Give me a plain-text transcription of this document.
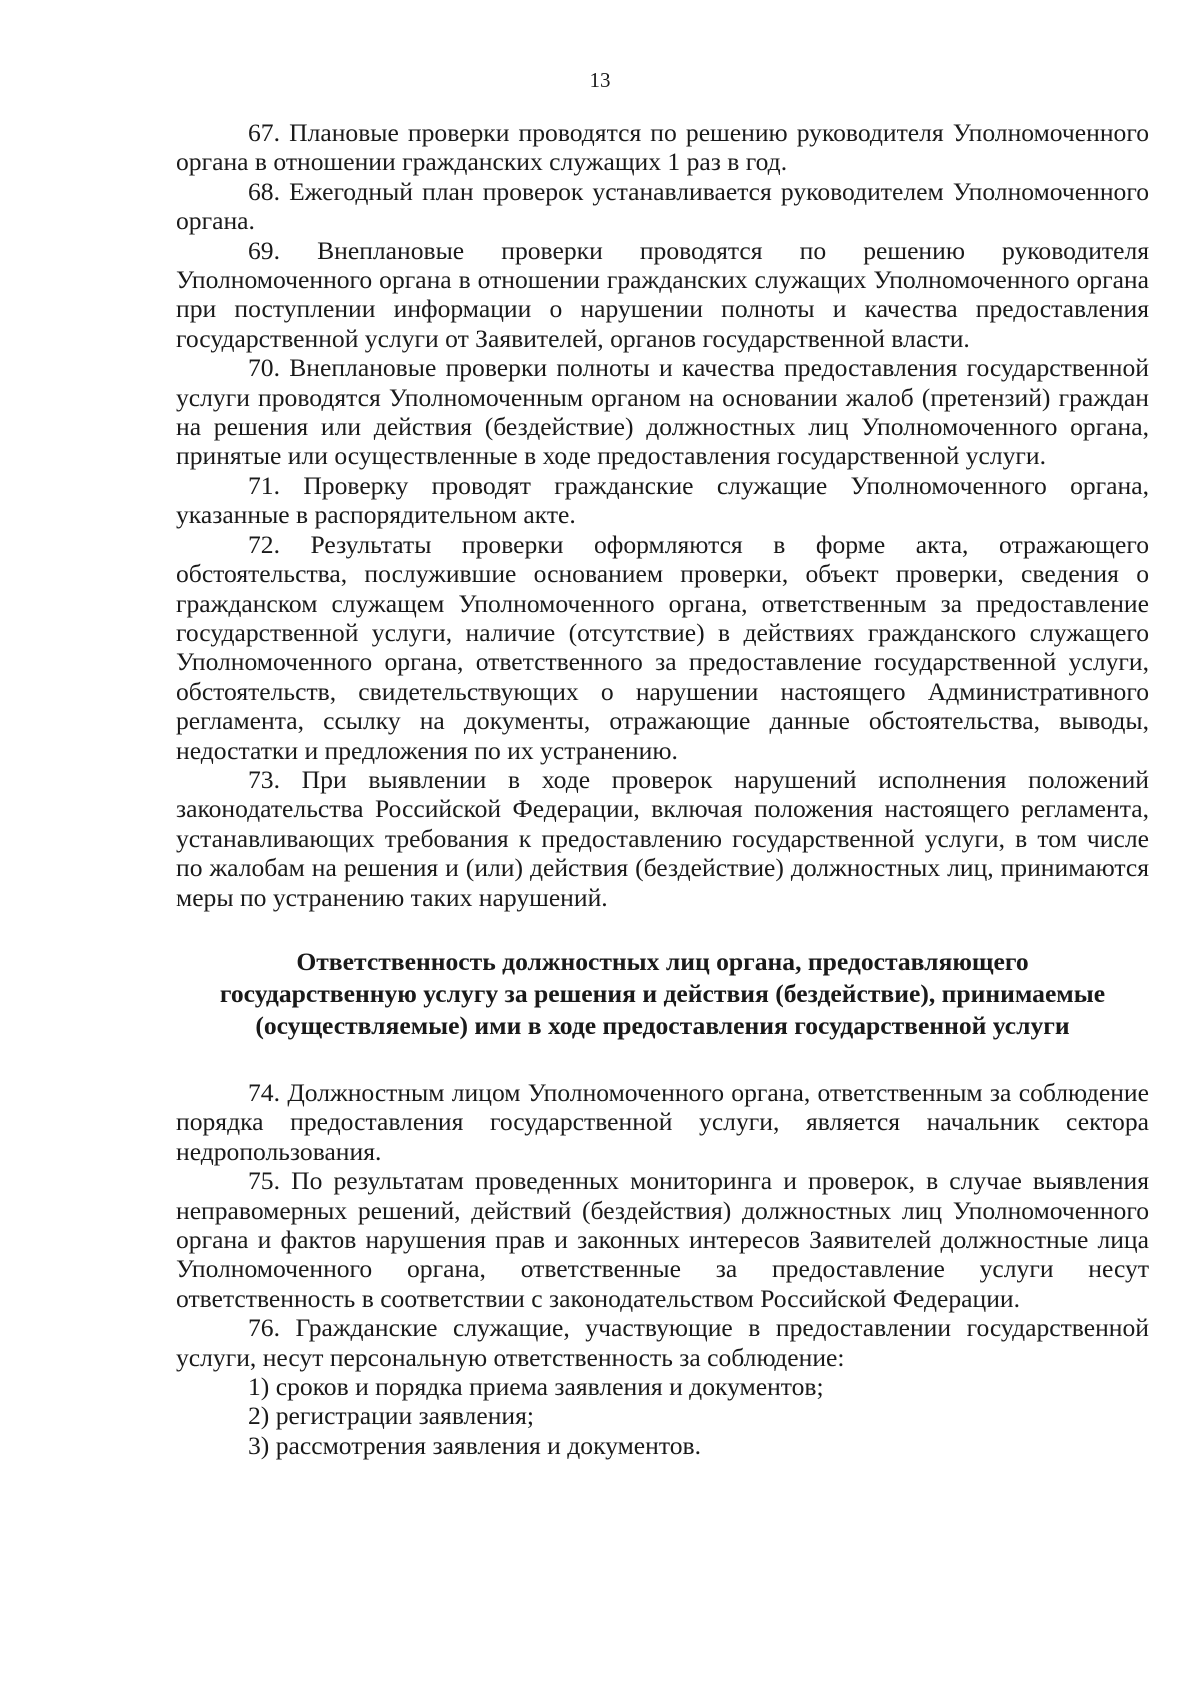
13

67. Плановые проверки проводятся по решению руководителя Уполномоченного органа в отношении гражданских служащих 1 раз в год.

68. Ежегодный план проверок устанавливается руководителем Уполномоченного органа.

69. Внеплановые проверки проводятся по решению руководителя Уполномоченного органа в отношении гражданских служащих Уполномоченного органа при поступлении информации о нарушении полноты и качества предоставления государственной услуги от Заявителей, органов государственной власти.

70. Внеплановые проверки полноты и качества предоставления государственной услуги проводятся Уполномоченным органом на основании жалоб (претензий) граждан на решения или действия (бездействие) должностных лиц Уполномоченного органа, принятые или осуществленные в ходе предоставления государственной услуги.

71. Проверку проводят гражданские служащие Уполномоченного органа, указанные в распорядительном акте.

72. Результаты проверки оформляются в форме акта, отражающего обстоятельства, послужившие основанием проверки, объект проверки, сведения о гражданском служащем Уполномоченного органа, ответственным за предоставление государственной услуги, наличие (отсутствие) в действиях гражданского служащего Уполномоченного органа, ответственного за предоставление государственной услуги, обстоятельств, свидетельствующих о нарушении настоящего Административного регламента, ссылку на документы, отражающие данные обстоятельства, выводы, недостатки и предложения по их устранению.

73. При выявлении в ходе проверок нарушений исполнения положений законодательства Российской Федерации, включая положения настоящего регламента, устанавливающих требования к предоставлению государственной услуги, в том числе по жалобам на решения и (или) действия (бездействие) должностных лиц, принимаются меры по устранению таких нарушений.

Ответственность должностных лиц органа, предоставляющего
государственную услугу за решения и действия (бездействие), принимаемые
(осуществляемые) ими в ходе предоставления государственной услуги

74. Должностным лицом Уполномоченного органа, ответственным за соблюдение порядка предоставления государственной услуги, является начальник сектора недропользования.

75. По результатам проведенных мониторинга и проверок, в случае выявления неправомерных решений, действий (бездействия) должностных лиц Уполномоченного органа и фактов нарушения прав и законных интересов Заявителей должностные лица Уполномоченного органа, ответственные за предоставление услуги несут ответственность в соответствии с законодательством Российской Федерации.

76. Гражданские служащие, участвующие в предоставлении государственной услуги, несут персональную ответственность за соблюдение:

1) сроков и порядка приема заявления и документов;

2) регистрации заявления;

3) рассмотрения заявления и документов.
